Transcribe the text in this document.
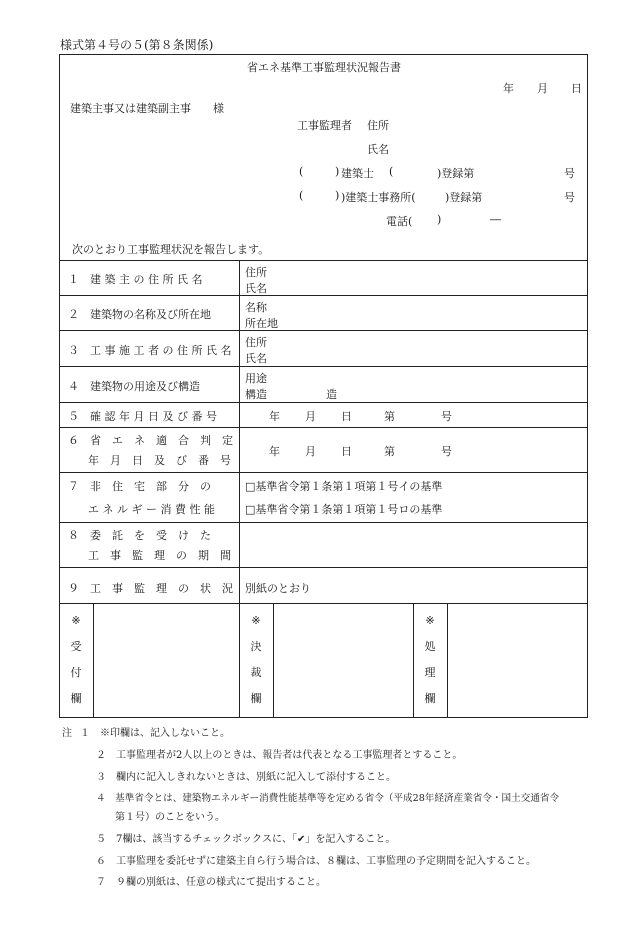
様式第４号の５(第８条関係)
省エネ基準工事監理状況報告書
年 月 日
建築主事又は建築副主事　　様
工事監理者 住所
氏名
(	) 建築士 (	)登録第	号
(	) )建築士事務所(	)登録第	号
電話( )	―
次のとおり工事監理状況を報告します。
１　建 築 主 の 住 所 氏 名
住所
氏名
２　建築物の名称及び所在地
名称
所在地
３　工 事 施 工 者 の 住 所 氏 名
住所
氏名
４　建築物の用途及び構造
用途
構造	造
５　確 認 年 月 日 及 び 番 号	年 月 日	第	号
６　省　エ　ネ　適　合　判　定
年　月　日　及　び　番　号
年 月 日	第	号
７　非　住　宅　部　分　の
エ ネ ル ギ ー 消 費 性 能
□基準省令第１条第１項第１号イの基準
□基準省令第１条第１項第１号ロの基準
８　委　託　を　受　け　た
工　事　監　理　の　期　間
９　工　事　監　理　の　状　況 別紙のとおり
※
受
付
欄
※
決
裁
欄
※
処
理
欄
注 １　※印欄は、記入しないこと。
２　工事監理者が2人以上のときは、報告者は代表となる工事監理者とすること。
３　欄内に記入しきれないときは、別紙に記入して添付すること。
４　基準省令とは、建築物エネルギー消費性能基準等を定める省令（平成28年経済産業省令・国土交通省令
第１号）のことをいう。
５　7欄は、該当するチェックボックスに、「✔」を記入すること。
６　工事監理を委託せずに建築主自ら行う場合は、８欄は、工事監理の予定期間を記入すること。
７　９欄の別紙は、任意の様式にて提出すること。
